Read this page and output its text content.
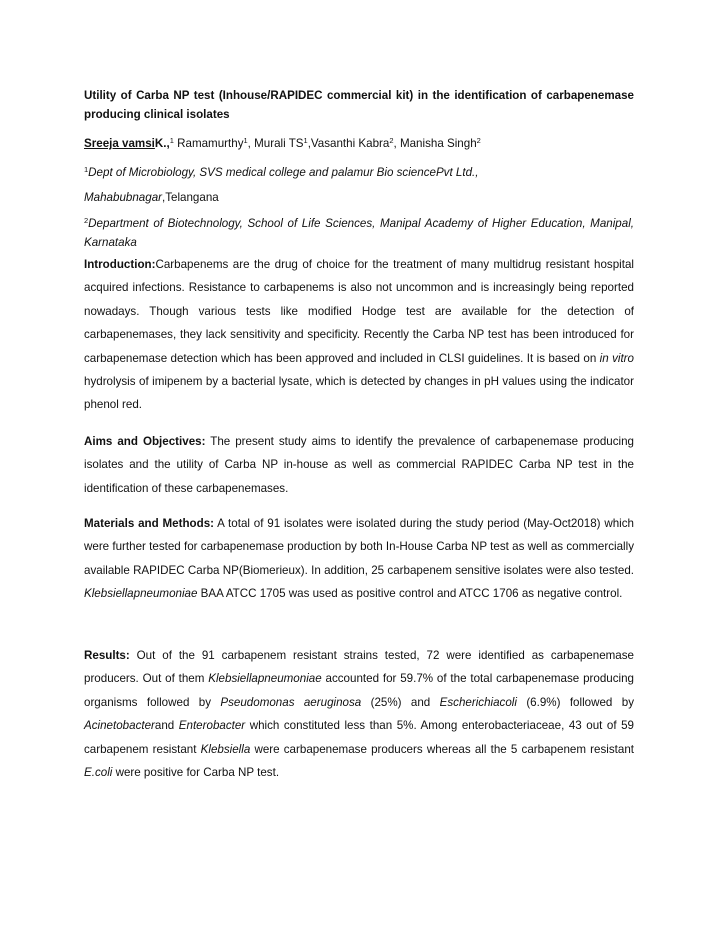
Utility of Carba NP test (Inhouse/RAPIDEC commercial kit) in the identification of carbapenemase producing clinical isolates
Sreeja vamsiK.,$^1$ Ramamurthy$^1$, Murali $TS^1,Vasanthi$ Kabra$^2$, Manisha Singh$^2$
$^1$Dept of Microbiology, SVS medical college and palamur Bio sciencePvt Ltd.,
Mahabubnagar,Telangana
$^2$Department of Biotechnology, School of Life Sciences, Manipal Academy of Higher Education, Manipal, Karnataka
Introduction:Carbapenems are the drug of choice for the treatment of many multidrug resistant hospital acquired infections. Resistance to carbapenems is also not uncommon and is increasingly being reported nowadays. Though various tests like modified Hodge test are available for the detection of carbapenemases, they lack sensitivity and specificity. Recently the Carba NP test has been introduced for carbapenemase detection which has been approved and included in CLSI guidelines. It is based on in vitro hydrolysis of imipenem by a bacterial lysate, which is detected by changes in pH values using the indicator phenol red.
Aims and Objectives: The present study aims to identify the prevalence of carbapenemase producing isolates and the utility of Carba NP in-house as well as commercial RAPIDEC Carba NP test in the identification of these carbapenemases.
Materials and Methods: A total of 91 isolates were isolated during the study period (May-Oct2018) which were further tested for carbapenemase production by both In-House Carba NP test as well as commercially available RAPIDEC Carba NP(Biomerieux). In addition, 25 carbapenem sensitive isolates were also tested. Klebsiellapneumoniae BAA ATCC 1705 was used as positive control and ATCC 1706 as negative control.
Results: Out of the 91 carbapenem resistant strains tested, 72 were identified as carbapenemase producers. Out of them Klebsiellapneumoniae accounted for 59.7% of the total carbapenemase producing organisms followed by Pseudomonas aeruginosa (25%) and Escherichiacoli (6.9%) followed by Acinetobacterand Enterobacter which constituted less than 5%. Among enterobacteriaceae, 43 out of 59 carbapenem resistant Klebsiella were carbapenemase producers whereas all the 5 carbapenem resistant E.coli were positive for Carba NP test.
